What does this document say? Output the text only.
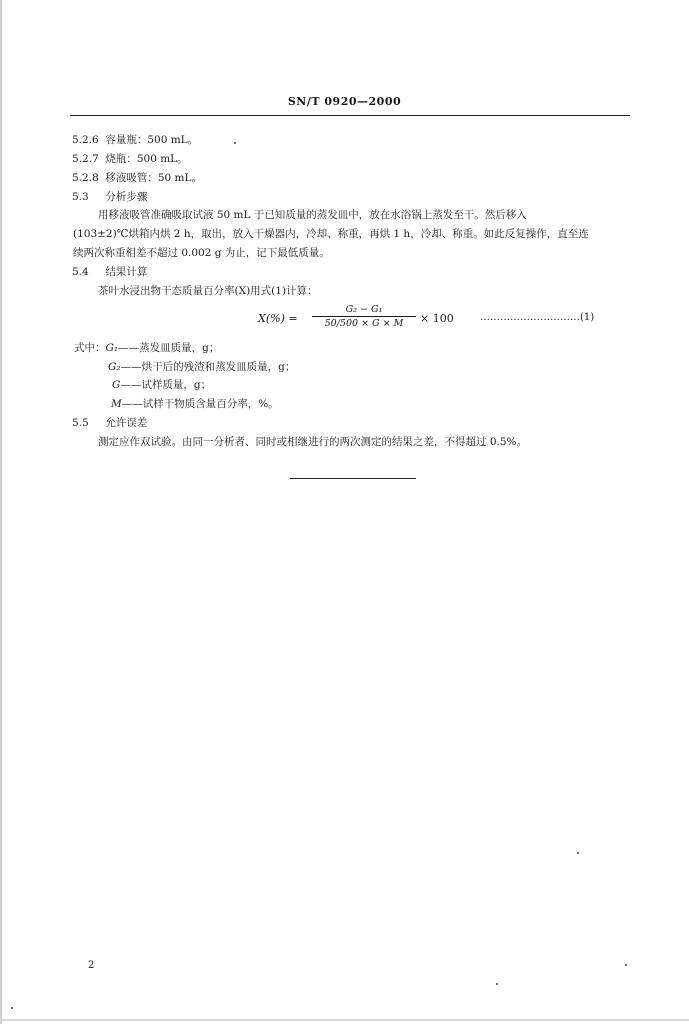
SN/T 0920—2000
5.2.6 容量瓶：500 mL。
5.2.7 烧瓶：500 mL。
5.2.8 移液吸管：50 mL。
5.3 分析步骤
用移液吸管准确吸取试液 50 mL 于已知质量的蒸发皿中，放在水浴锅上蒸发至干。然后移入
(103±2)℃烘箱内烘 2 h，取出，放入干燥器内，冷却、称重，再烘 1 h，冷却、称重。如此反复操作，直至连
续两次称重相差不超过 0.002 g 为止，记下最低质量。
5.4 结果计算
茶叶水浸出物干态质量百分率(X)用式(1)计算：
$X(\%) = \frac{\text{G₂ − G₁}}{50/500 \times G \times M} \times 100$	…………………………(1)
式中：G₁——蒸发皿质量，g；
G₂——烘干后的残渣和蒸发皿质量，g；
G——试样质量，g；
M——试样干物质含量百分率，%。
5.5 允许误差
测定应作双试验。由同一分析者、同时或相继进行的两次测定的结果之差，不得超过 0.5%。
2
